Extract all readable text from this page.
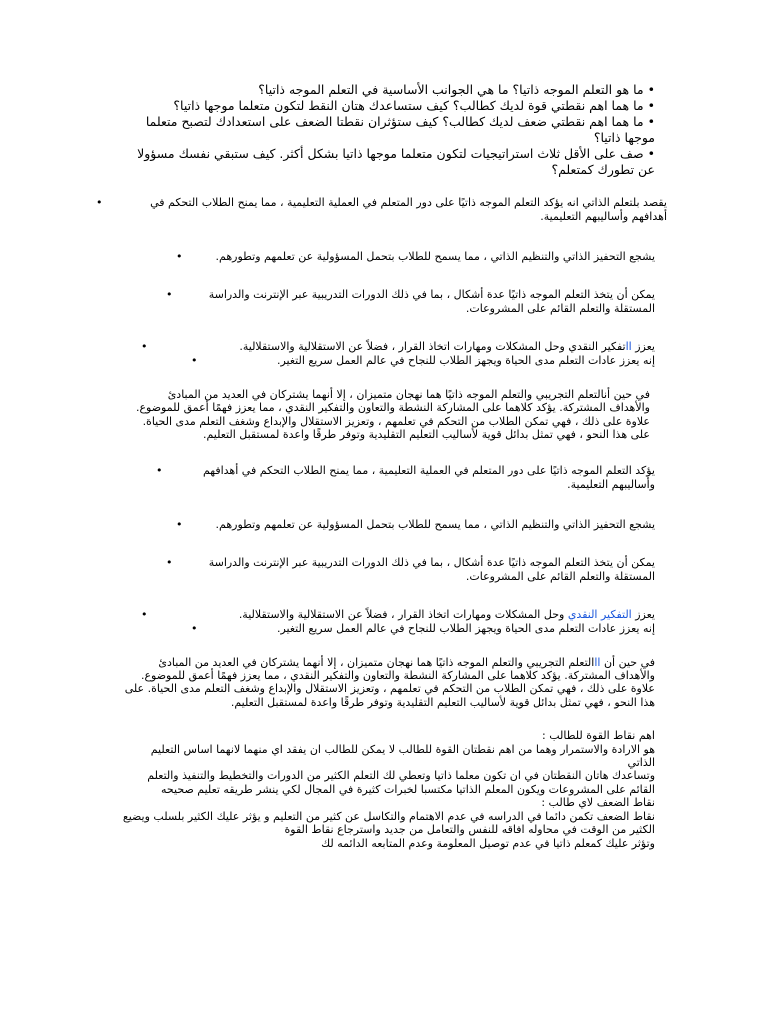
•ما هو التعلم الموجه ذاتيا؟ ما هي الجوانب الأساسية في التعلم الموجه ذاتيا؟

•ما هما اهم نقطتي قوة لديك كطالب؟ كيف ستساعدك هتان النقط لتكون متعلما موجها ذاتيا؟

•ما هما اهم نقطتي ضعف لديك كطالب؟ كيف ستؤثران نقطتا الضعف على استعدادك لتصبح متعلما موجها ذاتيا؟

•صف على الأقل ثلاث استراتيجيات لتكون متعلما موجها ذاتيا بشكل أكثر. كيف ستبقي نفسك مسؤولا عن تطورك كمتعلم؟

•	يقصد بلتعلم الذاتي انه يؤكد التعلم الموجه ذاتيًا على دور المتعلم في العملية التعليمية ، مما يمنح الطلاب التحكم في أهدافهم وأساليبهم التعليمية.

•	يشجع التحفيز الذاتي والتنظيم الذاتي ، مما يسمح للطلاب بتحمل المسؤولية عن تعلمهم وتطورهم.

•	يمكن أن يتخذ التعلم الموجه ذاتيًا عدة أشكال ، بما في ذلك الدورات التدريبية عبر الإنترنت والدراسة المستقلة والتعلم القائم على المشروعات.

•	يعزز ااتفكير النقدي وحل المشكلات ومهارات اتخاذ القرار ، فضلاً عن الاستقلالية والاستقلالية.

•	إنه يعزز عادات التعلم مدى الحياة ويجهز الطلاب للنجاح في عالم العمل سريع التغير.

في حين أنالتعلم التجريبي والتعلم الموجه ذاتيًا هما نهجان متميزان ، إلا أنهما يشتركان في العديد من المبادئ والأهداف المشتركة. يؤكد كلاهما على المشاركة النشطة والتعاون والتفكير النقدي ، مما يعزز فهمًا أعمق للموضوع. علاوة على ذلك ، فهي تمكن الطلاب من التحكم في تعلمهم ، وتعزيز الاستقلال والإبداع وشغف التعلم مدى الحياة. على هذا النحو ، فهي تمثل بدائل قوية لأساليب التعليم التقليدية وتوفر طرقًا واعدة لمستقبل التعليم.

•	يؤكد التعلم الموجه ذاتيًا على دور المتعلم في العملية التعليمية ، مما يمنح الطلاب التحكم في أهدافهم وأساليبهم التعليمية.

•	يشجع التحفيز الذاتي والتنظيم الذاتي ، مما يسمح للطلاب بتحمل المسؤولية عن تعلمهم وتطورهم.

•	يمكن أن يتخذ التعلم الموجه ذاتيًا عدة أشكال ، بما في ذلك الدورات التدريبية عبر الإنترنت والدراسة المستقلة والتعلم القائم على المشروعات.

•	يعزز التفكير النقدي وحل المشكلات ومهارات اتخاذ القرار ، فضلاً عن الاستقلالية والاستقلالية.

•	إنه يعزز عادات التعلم مدى الحياة ويجهز الطلاب للنجاح في عالم العمل سريع التغير.

في حين أن ااالتعلم التجريبي والتعلم الموجه ذاتيًا هما نهجان متميزان ، إلا أنهما يشتركان في العديد من المبادئ والأهداف المشتركة. يؤكد كلاهما على المشاركة النشطة والتعاون والتفكير النقدي ، مما يعزز فهمًا أعمق للموضوع. علاوة على ذلك ، فهي تمكن الطلاب من التحكم في تعلمهم ، وتعزيز الاستقلال والإبداع وشغف التعلم مدى الحياة. على هذا النحو ، فهي تمثل بدائل قوية لأساليب التعليم التقليدية وتوفر طرقًا واعدة لمستقبل التعليم.

اهم نقاط القوة للطالب :

هو الارادة والاستمرار وهما من اهم نقطتان القوة للطالب لا يمكن للطالب ان يفقد اي منهما لانهما اساس التعليم الذاتي

وتساعدك هاتان النقطتان في ان تكون معلما ذاتيا وتعطي لك التعلم الكثير من الدورات والتخطيط والتنفيذ والتعلم القائم على المشروعات ويكون المعلم الذاتيا مكتسبا لخبرات كثيرة في المجال لكي ينشر طريقه تعليم صحيحه

نقاط الضعف لاي طالب :

نقاط الضعف تكمن دائما في الدراسه في عدم الاهتمام والتكاسل عن كثير من التعليم و يؤثر عليك الكثير بلسلب ويضيع الكثير من الوقت في محاوله افاقه للنفس والتعامل من جديد واسترجاع نقاط القوة

وتؤثر عليك كمعلم ذاتيا في عدم توصيل المعلومة وعدم المتابعه الدائمه لك
